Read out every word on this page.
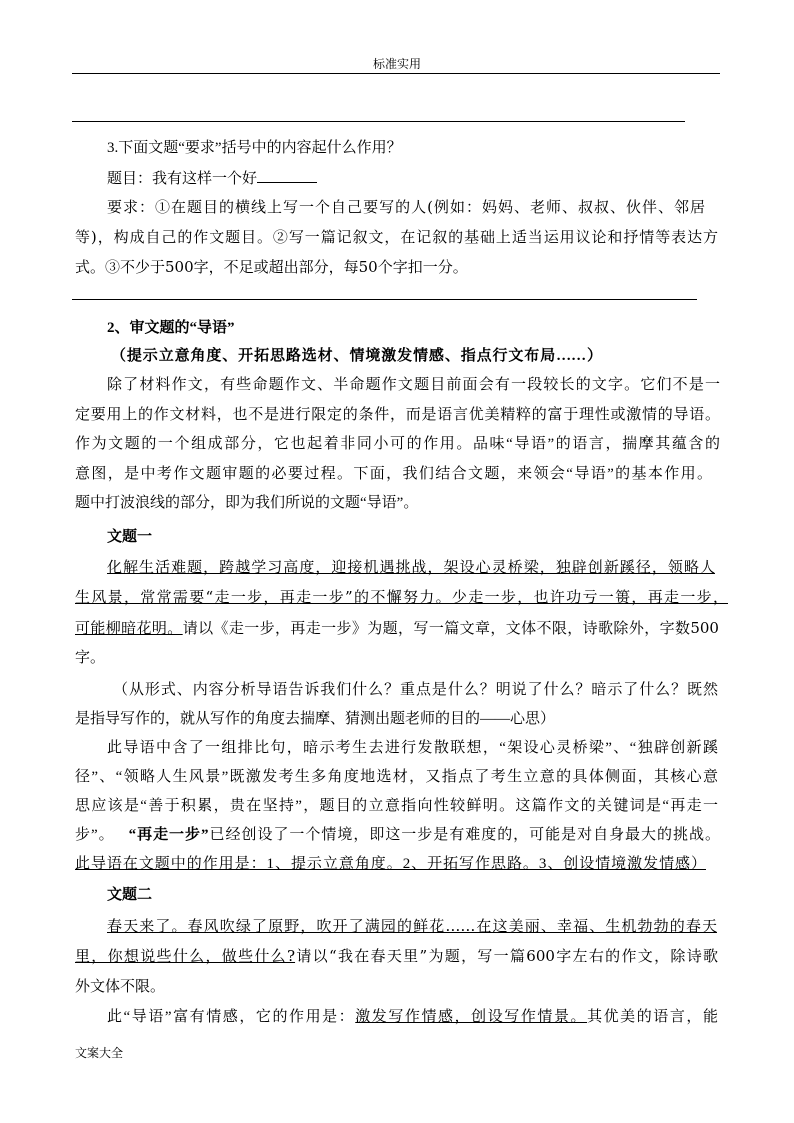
标准实用
3.下面文题“要求”括号中的内容起什么作用？
题目：我有这样一个好
要求：①在题目的横线上写一个自己要写的人(例如：妈妈、老师、叔叔、伙伴、邻居
等)，构成自己的作文题目。②写一篇记叙文，在记叙的基础上适当运用议论和抒情等表达方
式。③不少于500字，不足或超出部分，每50个字扣一分。
2、审文题的“导语”
（提示立意角度、开拓思路选材、情境激发情感、指点行文布局……）
除了材料作文，有些命题作文、半命题作文题目前面会有一段较长的文字。它们不是一
定要用上的作文材料，也不是进行限定的条件，而是语言优美精粹的富于理性或激情的导语。
作为文题的一个组成部分，它也起着非同小可的作用。品味“导语”的语言，揣摩其蕴含的
意图，是中考作文题审题的必要过程。下面，我们结合文题，来领会“导语”的基本作用。
题中打波浪线的部分，即为我们所说的文题“导语”。
文题一
化解生活难题，跨越学习高度，迎接机遇挑战，架设心灵桥梁，独辟创新蹊径，领略人
生风景，常常需要“走一步，再走一步”的不懈努力。少走一步，也许功亏一篑，再走一步，
可能柳暗花明。请以《走一步，再走一步》为题，写一篇文章，文体不限，诗歌除外，字数500
字。
（从形式、内容分析导语告诉我们什么？重点是什么？明说了什么？暗示了什么？既然
是指导写作的，就从写作的角度去揣摩、猜测出题老师的目的——心思）
此导语中含了一组排比句，暗示考生去进行发散联想，“架设心灵桥梁”、“独辟创新蹊
径”、“领略人生风景”既激发考生多角度地选材，又指点了考生立意的具体侧面，其核心意
思应该是“善于积累，贵在坚持”，题目的立意指向性较鲜明。这篇作文的关键词是“再走一
步”。 “再走一步”已经创设了一个情境，即这一步是有难度的，可能是对自身最大的挑战。
此导语在文题中的作用是：1、提示立意角度。2、开拓写作思路。3、创设情境激发情感）
文题二
春天来了。春风吹绿了原野，吹开了满园的鲜花……在这美丽、幸福、生机勃勃的春天
里，你想说些什么，做些什么?请以“我在春天里”为题，写一篇600字左右的作文，除诗歌
外文体不限。
此“导语”富有情感，它的作用是：激发写作情感，创设写作情景。其优美的语言，能
文案大全
